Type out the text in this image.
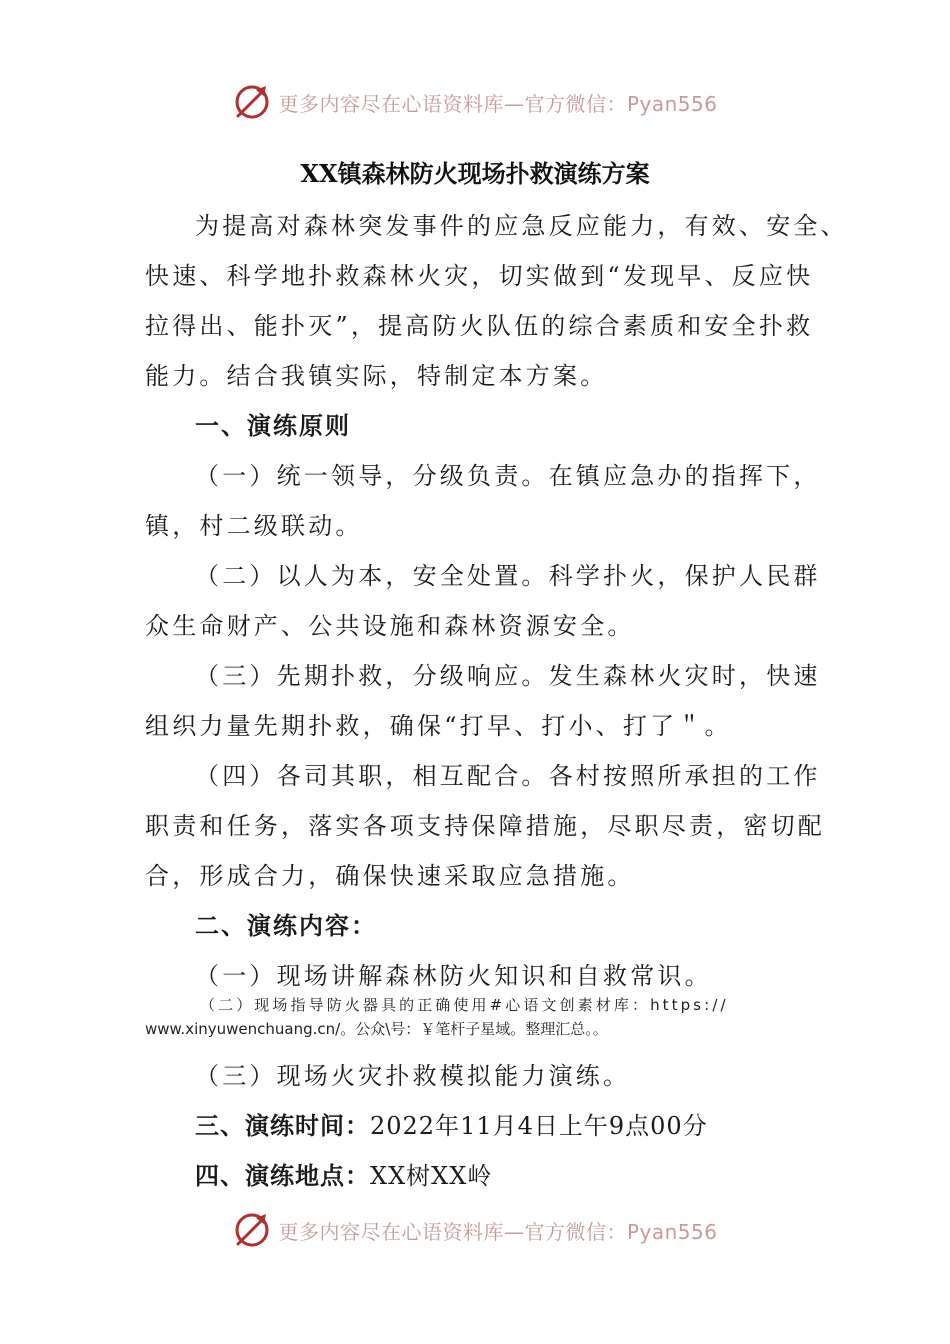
更多内容尽在心语资料库—官方微信：Pyan556
XX镇森林防火现场扑救演练方案
为提高对森林突发事件的应急反应能力，有效、安全、
快速、科学地扑救森林火灾，切实做到“发现早、反应快
拉得出、能扑灭”，提高防火队伍的综合素质和安全扑救
能力。结合我镇实际，特制定本方案。
一、演练原则
（一）统一领导，分级负责。在镇应急办的指挥下，
镇，村二级联动。
（二）以人为本，安全处置。科学扑火，保护人民群
众生命财产、公共设施和森林资源安全。
（三）先期扑救，分级响应。发生森林火灾时，快速
组织力量先期扑救，确保“打早、打小、打了＂。
（四）各司其职，相互配合。各村按照所承担的工作
职责和任务，落实各项支持保障措施，尽职尽责，密切配
合，形成合力，确保快速采取应急措施。
二、演练内容：
（一）现场讲解森林防火知识和自救常识。
（二）现场指导防火器具的正确使用#心语文创素材库：https://
www.xinyuwenchuang.cn/。公众\号：￥笔杆子星域。整理汇总。。
（三）现场火灾扑救模拟能力演练。
三、演练时间：2022年11月4日上午9点00分
四、演练地点：XX树XX岭
更多内容尽在心语资料库—官方微信：Pyan556
